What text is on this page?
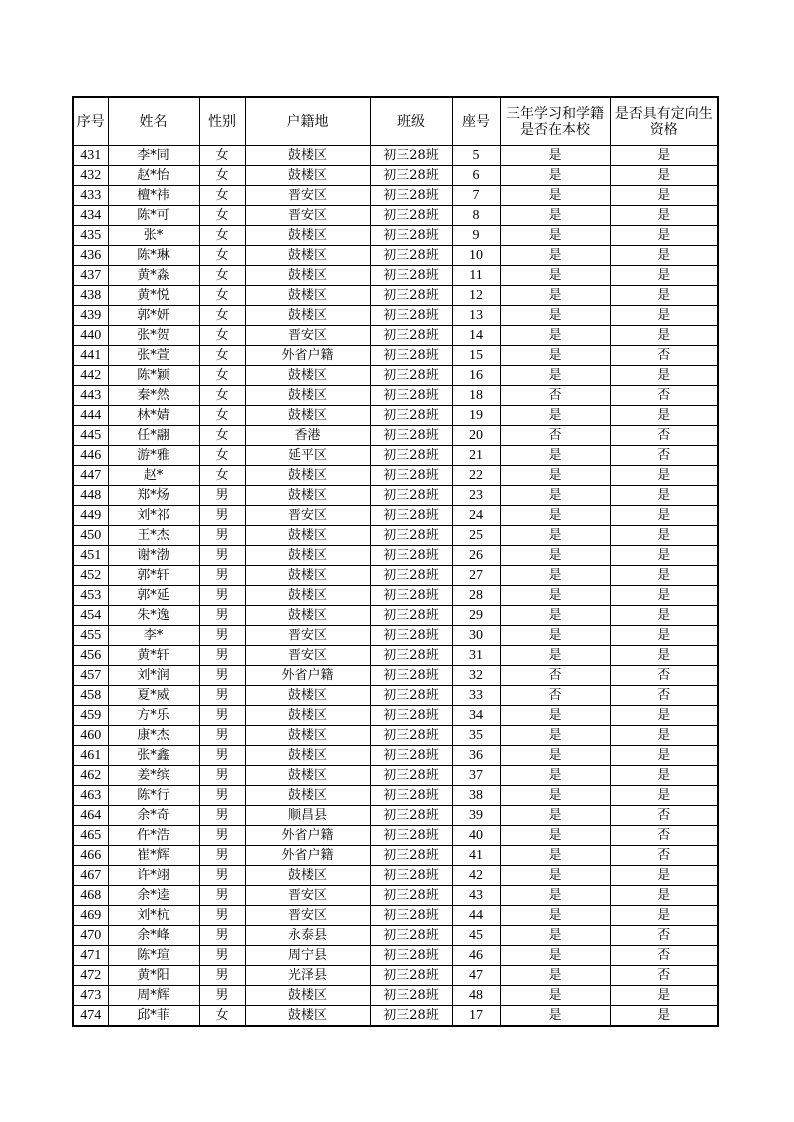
序号	姓名	性别	户籍地	班级	座号	三年学习和学籍是否在本校	是否具有定向生资格
431	李*同	女	鼓楼区	初三28班	5	是	是
432	赵*怡	女	鼓楼区	初三28班	6	是	是
433	檀*祎	女	晋安区	初三28班	7	是	是
434	陈*可	女	晋安区	初三28班	8	是	是
435	张*	女	鼓楼区	初三28班	9	是	是
436	陈*琳	女	鼓楼区	初三28班	10	是	是
437	黄*淼	女	鼓楼区	初三28班	11	是	是
438	黄*悦	女	鼓楼区	初三28班	12	是	是
439	郭*妍	女	鼓楼区	初三28班	13	是	是
440	张*贺	女	晋安区	初三28班	14	是	是
441	张*萱	女	外省户籍	初三28班	15	是	否
442	陈*颖	女	鼓楼区	初三28班	16	是	是
443	秦*然	女	鼓楼区	初三28班	18	否	否
444	林*婧	女	鼓楼区	初三28班	19	是	是
445	任*翮	女	香港	初三28班	20	否	否
446	游*雅	女	延平区	初三28班	21	是	否
447	赵*	女	鼓楼区	初三28班	22	是	是
448	郑*炀	男	鼓楼区	初三28班	23	是	是
449	刘*祁	男	晋安区	初三28班	24	是	是
450	王*杰	男	鼓楼区	初三28班	25	是	是
451	谢*渤	男	鼓楼区	初三28班	26	是	是
452	郭*轩	男	鼓楼区	初三28班	27	是	是
453	郭*延	男	鼓楼区	初三28班	28	是	是
454	朱*逸	男	鼓楼区	初三28班	29	是	是
455	李*	男	晋安区	初三28班	30	是	是
456	黄*轩	男	晋安区	初三28班	31	是	是
457	刘*润	男	外省户籍	初三28班	32	否	否
458	夏*威	男	鼓楼区	初三28班	33	否	否
459	方*乐	男	鼓楼区	初三28班	34	是	是
460	康*杰	男	鼓楼区	初三28班	35	是	是
461	张*鑫	男	鼓楼区	初三28班	36	是	是
462	姜*缤	男	鼓楼区	初三28班	37	是	是
463	陈*行	男	鼓楼区	初三28班	38	是	是
464	余*奇	男	顺昌县	初三28班	39	是	否
465	仵*浩	男	外省户籍	初三28班	40	是	否
466	崔*辉	男	外省户籍	初三28班	41	是	否
467	许*翊	男	鼓楼区	初三28班	42	是	是
468	余*逵	男	晋安区	初三28班	43	是	是
469	刘*杭	男	晋安区	初三28班	44	是	是
470	余*峰	男	永泰县	初三28班	45	是	否
471	陈*瑄	男	周宁县	初三28班	46	是	否
472	黄*阳	男	光泽县	初三28班	47	是	否
473	周*辉	男	鼓楼区	初三28班	48	是	是
474	邱*菲	女	鼓楼区	初三28班	17	是	是
